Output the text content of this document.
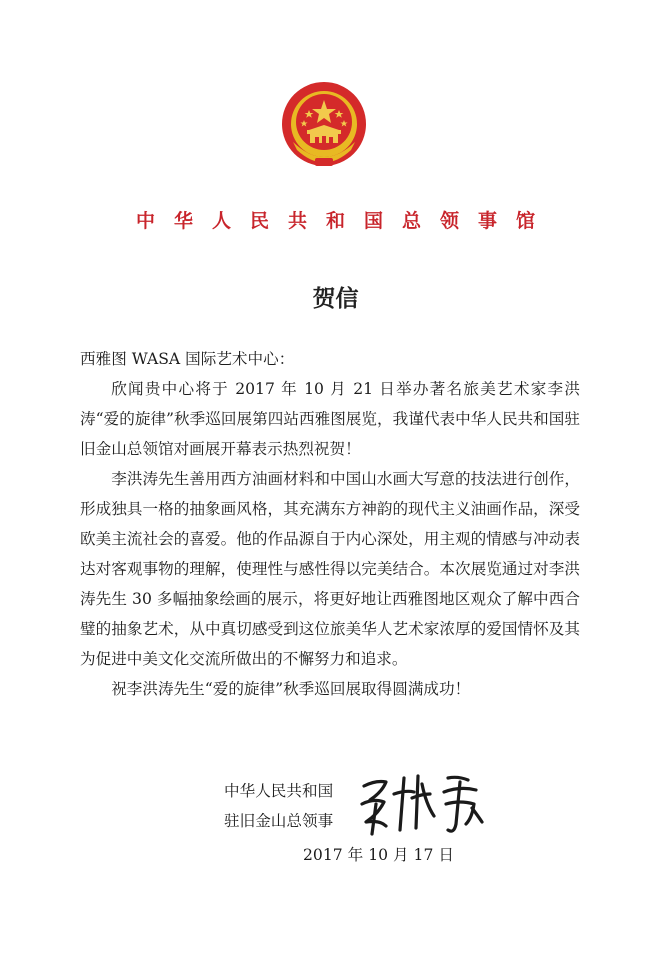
中华人民共和国总领事馆
贺信

西雅图 WASA 国际艺术中心：

欣闻贵中心将于 2017 年 10 月 21 日举办著名旅美艺术家李洪涛“爱的旋律”秋季巡回展第四站西雅图展览，我谨代表中华人民共和国驻旧金山总领馆对画展开幕表示热烈祝贺！

李洪涛先生善用西方油画材料和中国山水画大写意的技法进行创作，形成独具一格的抽象画风格，其充满东方神韵的现代主义油画作品，深受欧美主流社会的喜爱。他的作品源自于内心深处，用主观的情感与冲动表达对客观事物的理解，使理性与感性得以完美结合。本次展览通过对李洪涛先生 30 多幅抽象绘画的展示，将更好地让西雅图地区观众了解中西合璧的抽象艺术，从中真切感受到这位旅美华人艺术家浓厚的爱国情怀及其为促进中美文化交流所做出的不懈努力和追求。

祝李洪涛先生“爱的旋律”秋季巡回展取得圆满成功！

中华人民共和国
驻旧金山总领事
2017 年 10 月 17 日
